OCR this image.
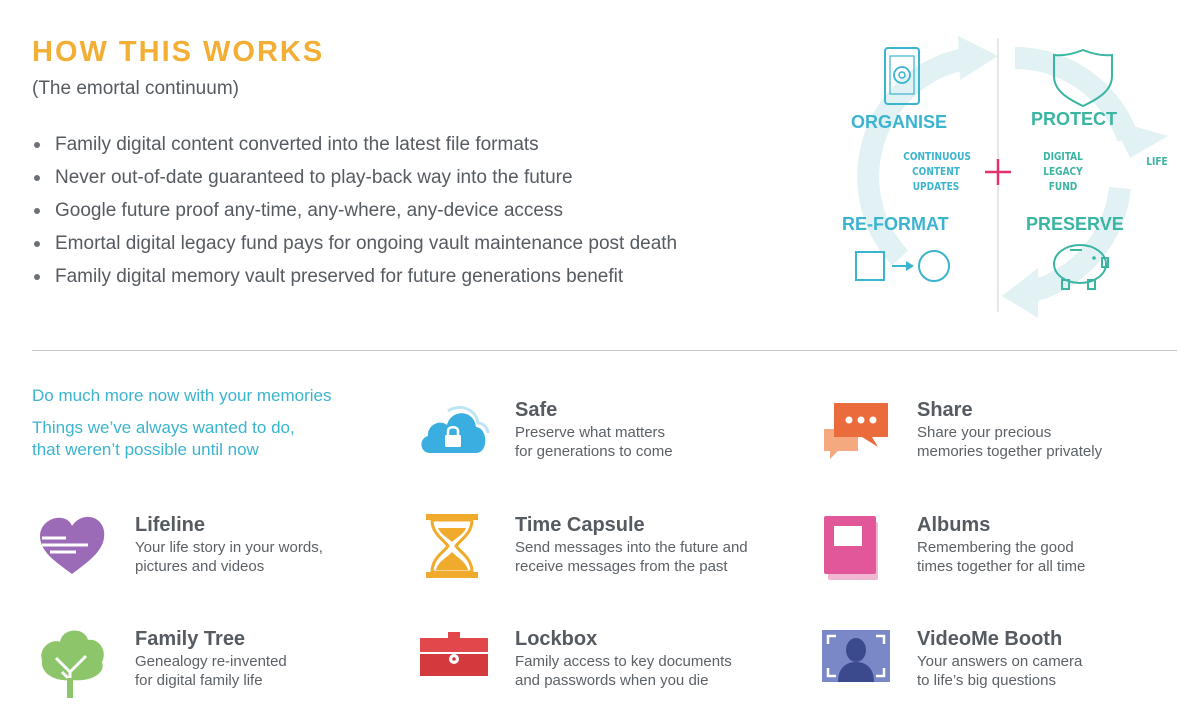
HOW THIS WORKS
(The emortal continuum)
Family digital content converted into the latest file formats
Never out-of-date guaranteed to play-back way into the future
Google future proof any-time, any-where, any-device access
Emortal digital legacy fund pays for ongoing vault maintenance post death
Family digital memory vault preserved for future generations benefit
ORGANISE	PROTECT
RE-FORMAT	PRESERVE
LIFE
CONTINUOUS
CONTENT
UPDATES
DIGITAL
LEGACY
FUND
Do much more now with your memories
Things we’ve always wanted to do,
that weren’t possible until now
Safe
Preserve what matters
for generations to come
Share
Share your precious
memories together privately
Lifeline
Your life story in your words,
pictures and videos
Time Capsule
Send messages into the future and
receive messages from the past
Albums
Remembering the good
times together for all time
Family Tree
Genealogy re-invented
for digital family life
Lockbox
Family access to key documents
and passwords when you die
VideoMe Booth
Your answers on camera
to life’s big questions
